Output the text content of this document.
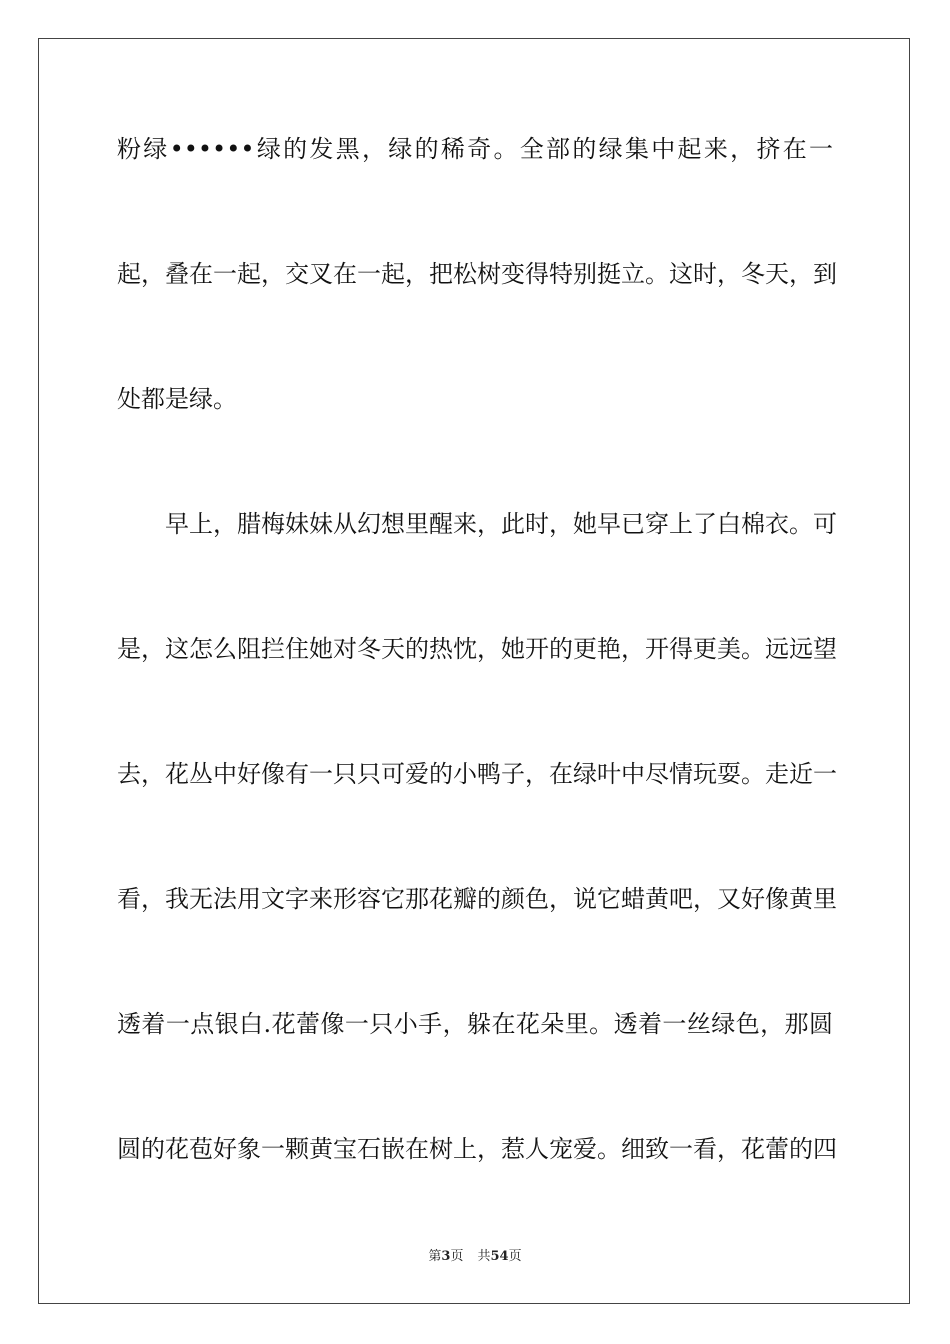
粉绿••••••绿的发黑，绿的稀奇。全部的绿集中起来，挤在一
起，叠在一起，交叉在一起，把松树变得特别挺立。这时，冬天，到
处都是绿。
早上，腊梅妹妹从幻想里醒来，此时，她早已穿上了白棉衣。可
是，这怎么阻拦住她对冬天的热忱，她开的更艳，开得更美。远远望
去，花丛中好像有一只只可爱的小鸭子，在绿叶中尽情玩耍。走近一
看，我无法用文字来形容它那花瓣的颜色，说它蜡黄吧，又好像黄里
透着一点银白.花蕾像一只小手，躲在花朵里。透着一丝绿色，那圆
圆的花苞好象一颗黄宝石嵌在树上，惹人宠爱。细致一看，花蕾的四
第3页 共54页
